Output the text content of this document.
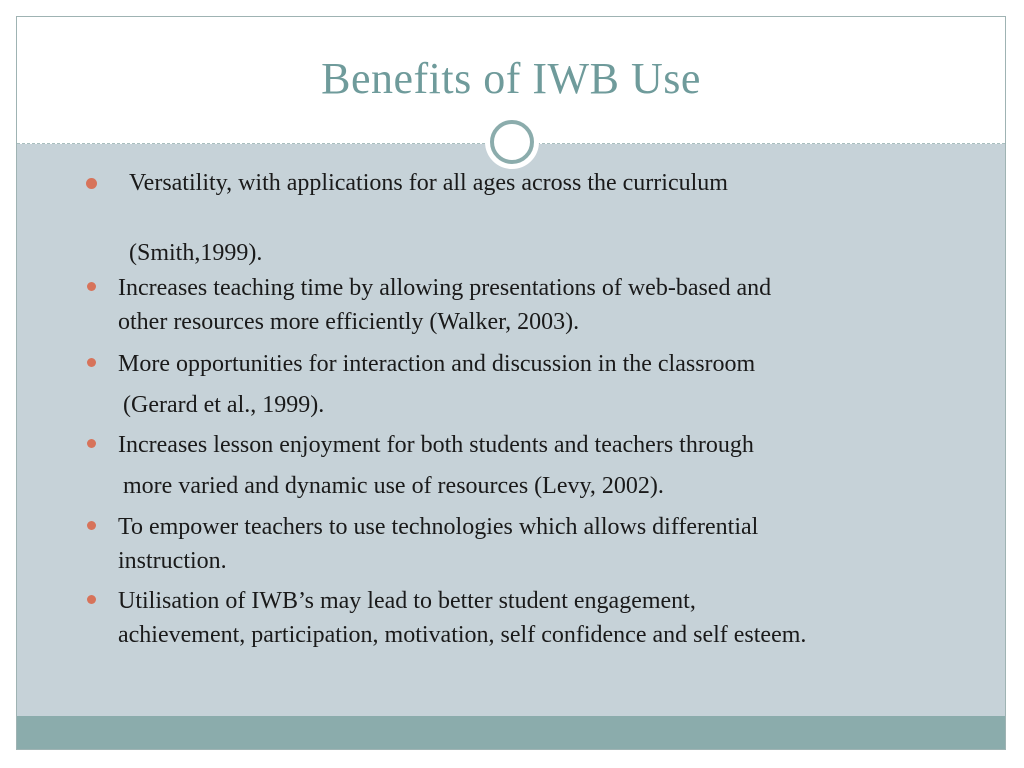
Benefits of IWB Use
Versatility, with applications for all ages across the curriculum
(Smith,1999).
Increases teaching time by allowing presentations of web-based and
other resources more efficiently (Walker, 2003).
More opportunities for interaction and discussion in the classroom
(Gerard et al., 1999).
Increases lesson enjoyment for both students and teachers through
more varied and dynamic use of resources (Levy, 2002).
To empower teachers to use technologies which allows differential
instruction.
Utilisation of IWB’s may lead to better student engagement,
achievement, participation, motivation, self confidence and self esteem.
